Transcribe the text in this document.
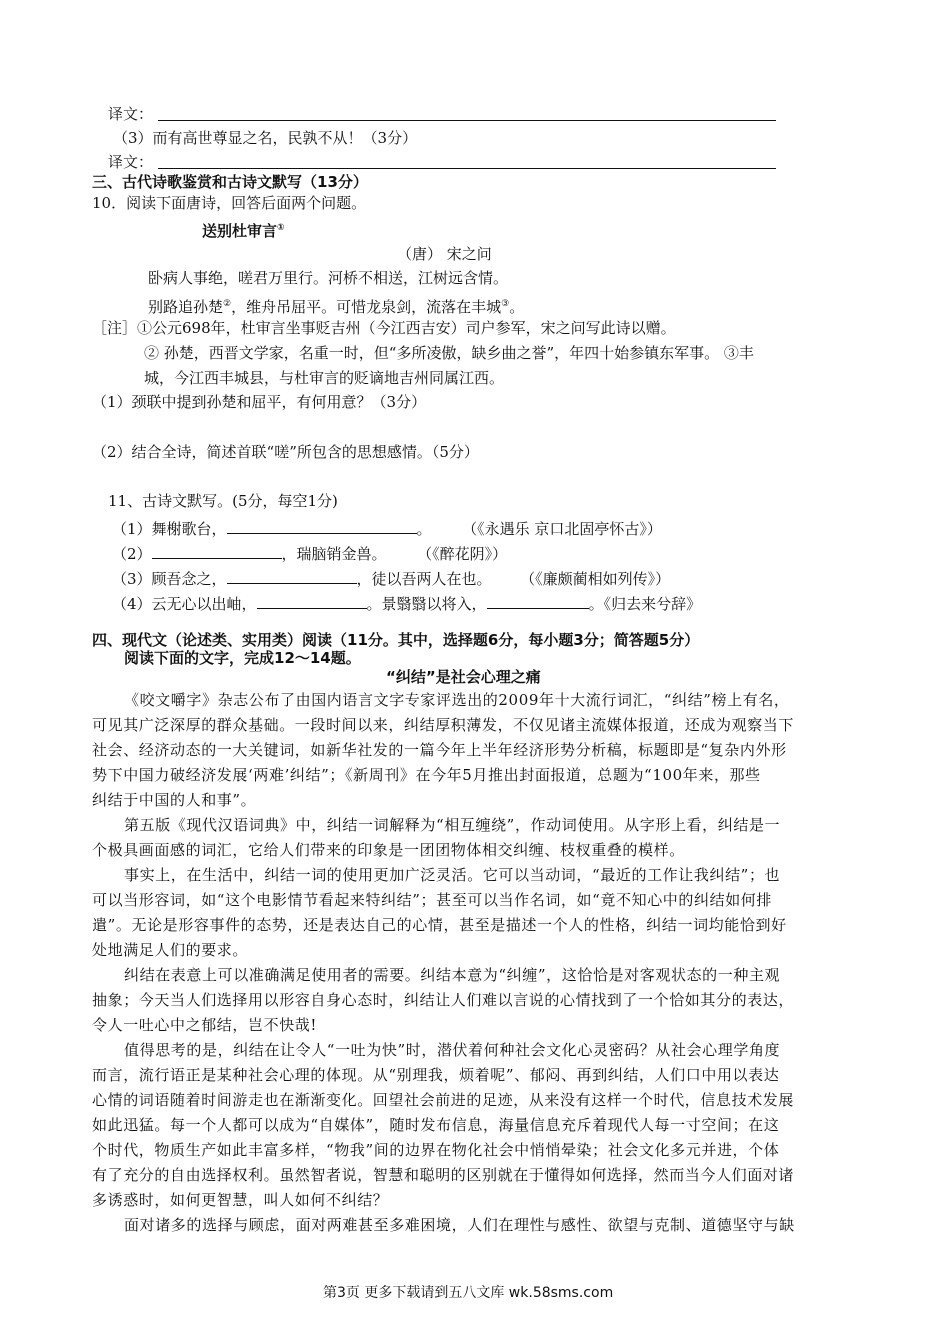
译文：
（3）而有高世尊显之名，民孰不从！（3分）
译文：
三、古代诗歌鉴赏和古诗文默写（13分）
10．阅读下面唐诗，回答后面两个问题。
送别杜审言①
（唐） 宋之问
卧病人事绝，嗟君万里行。河桥不相送，江树远含情。
别路追孙楚②，维舟吊屈平。可惜龙泉剑，流落在丰城③。
［注］①公元698年，杜审言坐事贬吉州（今江西吉安）司户参军，宋之问写此诗以赠。
② 孙楚，西晋文学家，名重一时，但“多所凌傲，缺乡曲之誉”，年四十始参镇东军事。 ③丰
城，今江西丰城县，与杜审言的贬谪地吉州同属江西。
（1）颈联中提到孙楚和屈平，有何用意？（3分）
（2）结合全诗，简述首联“嗟”所包含的思想感情。（5分）
11、古诗文默写。(5分，每空1分)
（1）舞榭歌台，	。	（《永遇乐 京口北固亭怀古》）
（2）	，瑞脑销金兽。	（《醉花阴》）
（3）顾吾念之，	，徒以吾两人在也。 （《廉颇蔺相如列传》）
（4）云无心以出岫，	。景翳翳以将入，	。《归去来兮辞》
四、现代文（论述类、实用类）阅读（11分。其中，选择题6分，每小题3分；简答题5分）
阅读下面的文字，完成12～14题。
“纠结”是社会心理之痛
《咬文嚼字》杂志公布了由国内语言文字专家评选出的2009年十大流行词汇，“纠结”榜上有名，
可见其广泛深厚的群众基础。一段时间以来，纠结厚积薄发，不仅见诸主流媒体报道，还成为观察当下
社会、经济动态的一大关键词，如新华社发的一篇今年上半年经济形势分析稿，标题即是“复杂内外形
势下中国力破经济发展‘两难’纠结”；《新周刊》在今年5月推出封面报道，总题为“100年来，那些
纠结于中国的人和事”。
第五版《现代汉语词典》中，纠结一词解释为“相互缠绕”，作动词使用。从字形上看，纠结是一
个极具画面感的词汇，它给人们带来的印象是一团团物体相交纠缠、枝杈重叠的模样。
事实上，在生活中，纠结一词的使用更加广泛灵活。它可以当动词，“最近的工作让我纠结”；也
可以当形容词，如“这个电影情节看起来特纠结”；甚至可以当作名词，如“竟不知心中的纠结如何排
遣”。无论是形容事件的态势，还是表达自己的心情，甚至是描述一个人的性格，纠结一词均能恰到好
处地满足人们的要求。
纠结在表意上可以准确满足使用者的需要。纠结本意为“纠缠”，这恰恰是对客观状态的一种主观
抽象；今天当人们选择用以形容自身心态时，纠结让人们难以言说的心情找到了一个恰如其分的表达，
令人一吐心中之郁结，岂不快哉!
值得思考的是，纠结在让令人“一吐为快”时，潜伏着何种社会文化心灵密码？从社会心理学角度
而言，流行语正是某种社会心理的体现。从“别理我，烦着呢”、郁闷、再到纠结，人们口中用以表达
心情的词语随着时间游走也在渐渐变化。回望社会前进的足迹，从来没有这样一个时代，信息技术发展
如此迅猛。每一个人都可以成为“自媒体”，随时发布信息，海量信息充斥着现代人每一寸空间；在这
个时代，物质生产如此丰富多样，“物我”间的边界在物化社会中悄悄晕染；社会文化多元并进，个体
有了充分的自由选择权利。虽然智者说，智慧和聪明的区别就在于懂得如何选择，然而当今人们面对诸
多诱惑时，如何更智慧，叫人如何不纠结？
面对诸多的选择与顾虑，面对两难甚至多难困境，人们在理性与感性、欲望与克制、道德坚守与缺
第3页 更多下载请到五八文库 wk.58sms.com
